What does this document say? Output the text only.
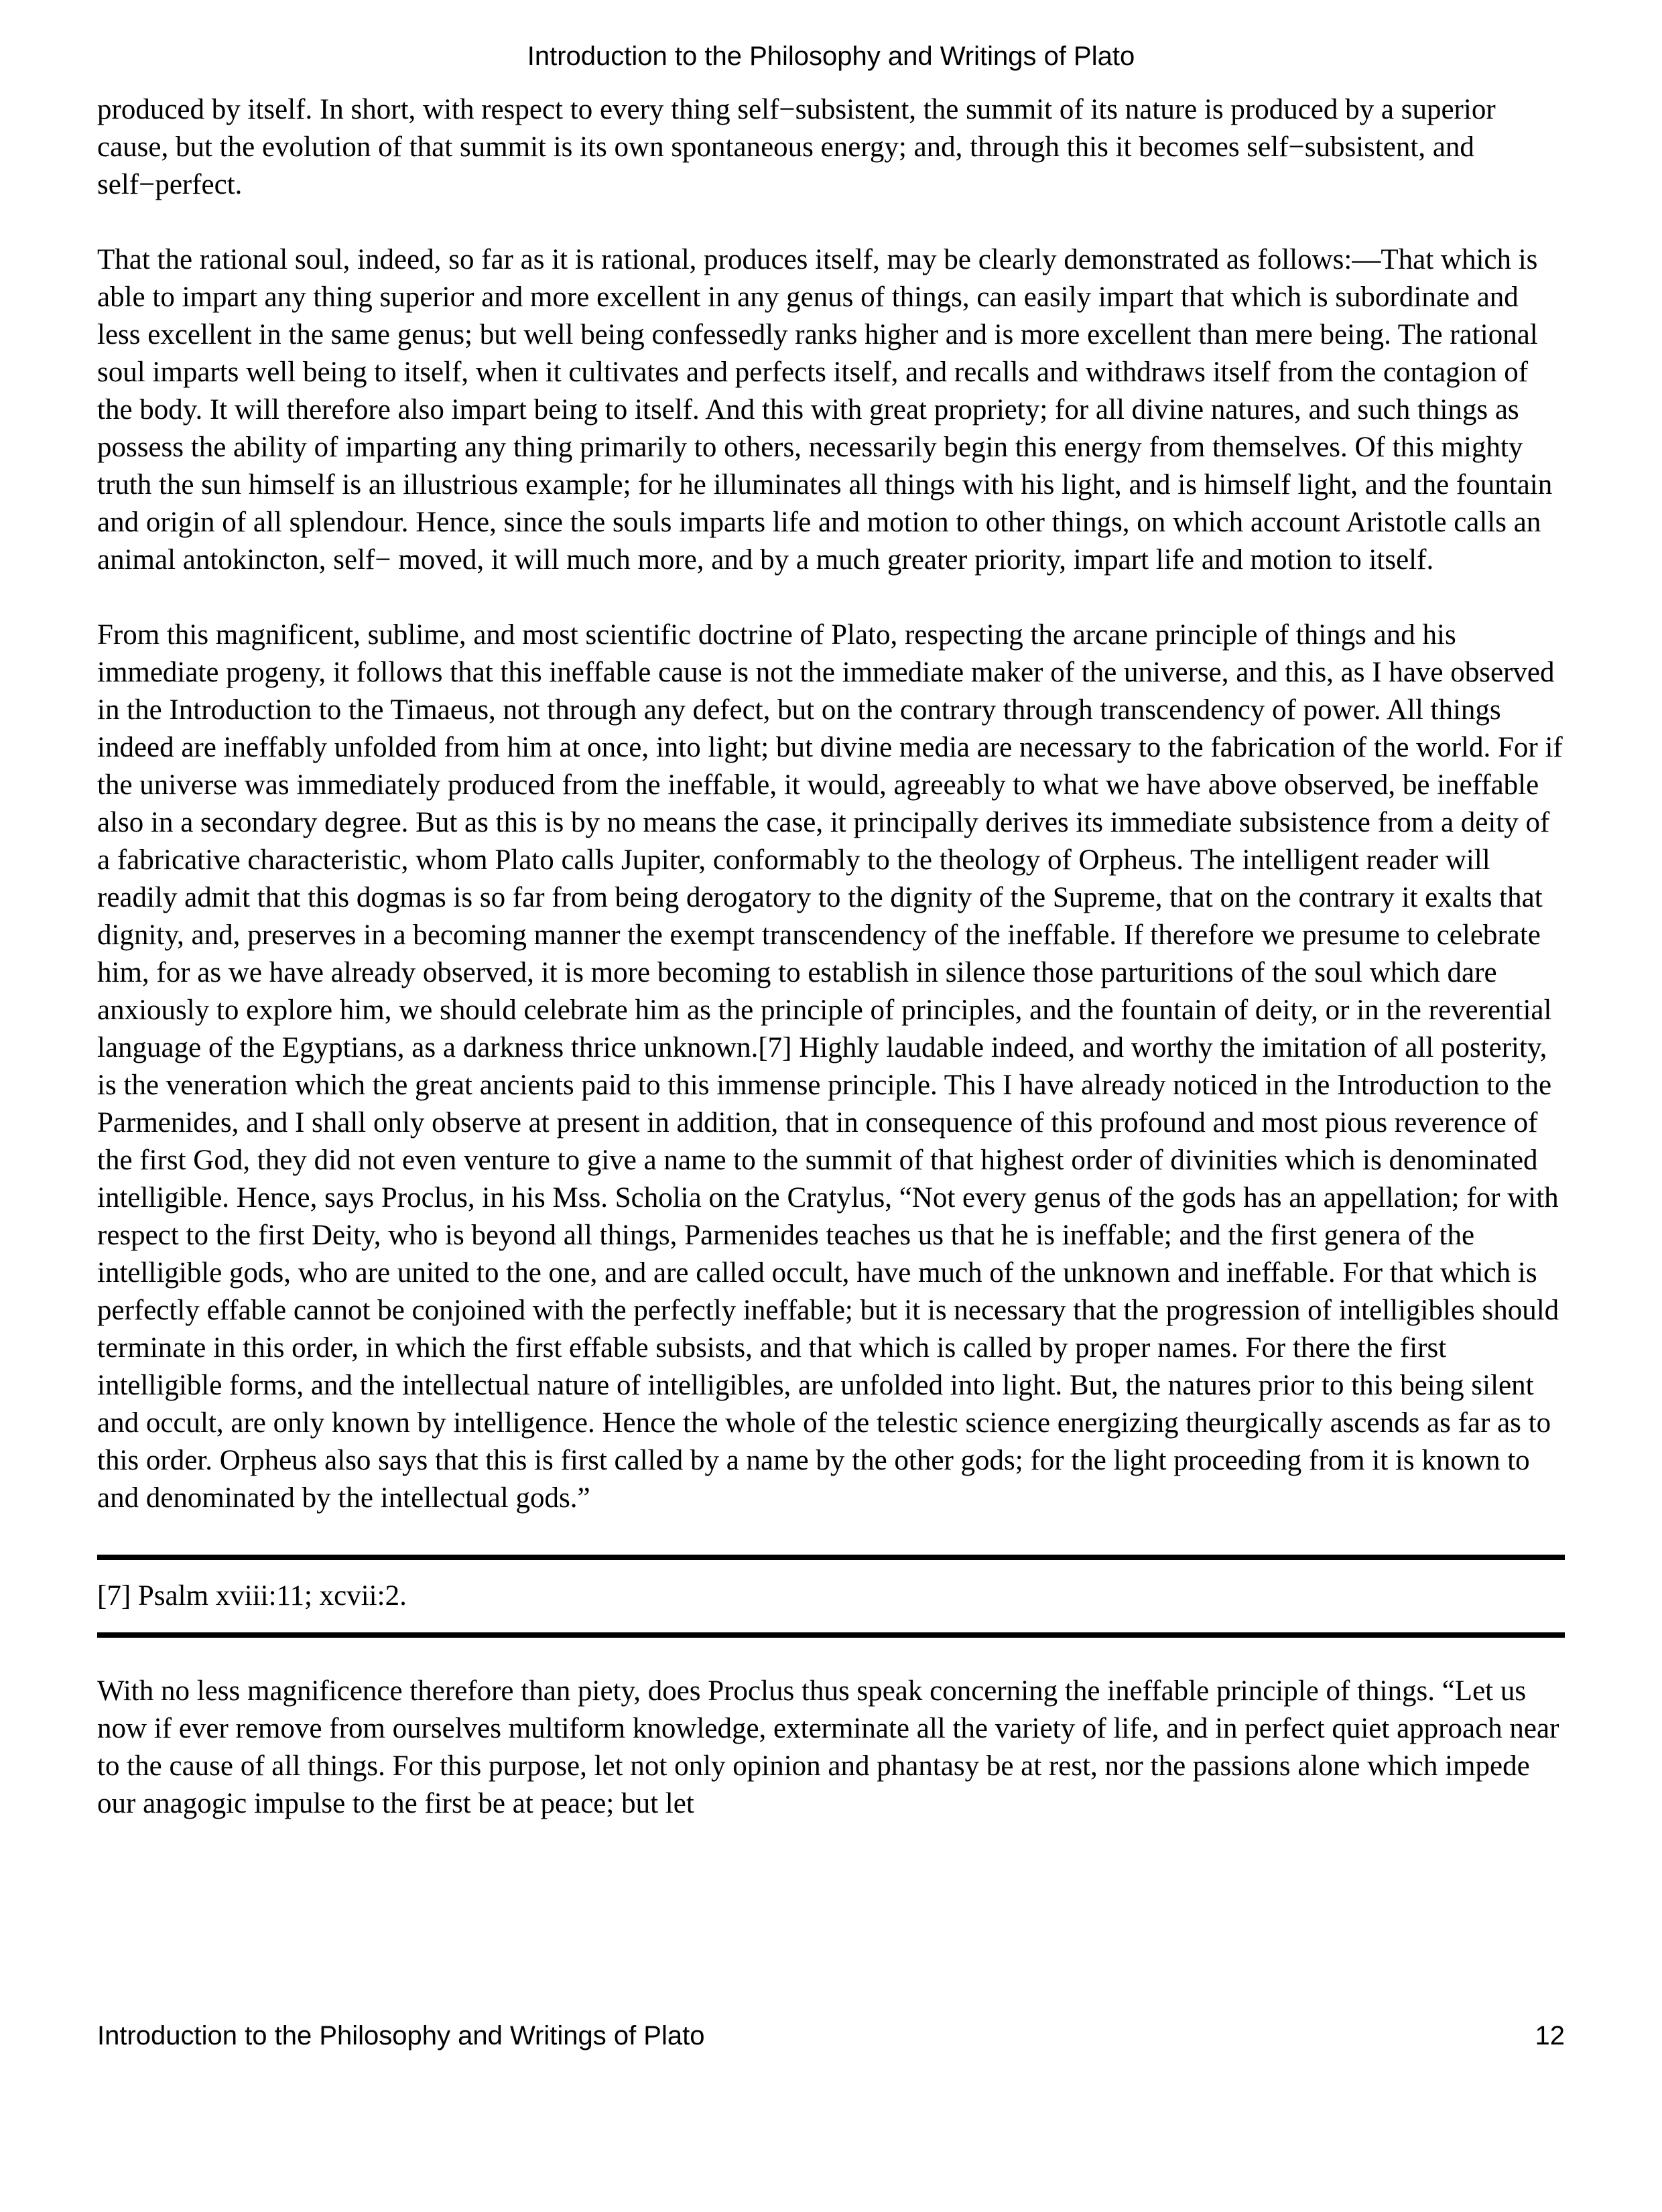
Introduction to the Philosophy and Writings of Plato

produced by itself. In short, with respect to every thing self−subsistent, the summit of its nature is produced by a superior cause, but the evolution of that summit is its own spontaneous energy; and, through this it becomes self−subsistent, and self−perfect.

That the rational soul, indeed, so far as it is rational, produces itself, may be clearly demonstrated as follows:—That which is able to impart any thing superior and more excellent in any genus of things, can easily impart that which is subordinate and less excellent in the same genus; but well being confessedly ranks higher and is more excellent than mere being. The rational soul imparts well being to itself, when it cultivates and perfects itself, and recalls and withdraws itself from the contagion of the body. It will therefore also impart being to itself. And this with great propriety; for all divine natures, and such things as possess the ability of imparting any thing primarily to others, necessarily begin this energy from themselves. Of this mighty truth the sun himself is an illustrious example; for he illuminates all things with his light, and is himself light, and the fountain and origin of all splendour. Hence, since the souls imparts life and motion to other things, on which account Aristotle calls an animal antokincton, self− moved, it will much more, and by a much greater priority, impart life and motion to itself.

From this magnificent, sublime, and most scientific doctrine of Plato, respecting the arcane principle of things and his immediate progeny, it follows that this ineffable cause is not the immediate maker of the universe, and this, as I have observed in the Introduction to the Timaeus, not through any defect, but on the contrary through transcendency of power. All things indeed are ineffably unfolded from him at once, into light; but divine media are necessary to the fabrication of the world. For if the universe was immediately produced from the ineffable, it would, agreeably to what we have above observed, be ineffable also in a secondary degree. But as this is by no means the case, it principally derives its immediate subsistence from a deity of a fabricative characteristic, whom Plato calls Jupiter, conformably to the theology of Orpheus. The intelligent reader will readily admit that this dogmas is so far from being derogatory to the dignity of the Supreme, that on the contrary it exalts that dignity, and, preserves in a becoming manner the exempt transcendency of the ineffable. If therefore we presume to celebrate him, for as we have already observed, it is more becoming to establish in silence those parturitions of the soul which dare anxiously to explore him, we should celebrate him as the principle of principles, and the fountain of deity, or in the reverential language of the Egyptians, as a darkness thrice unknown.[7] Highly laudable indeed, and worthy the imitation of all posterity, is the veneration which the great ancients paid to this immense principle. This I have already noticed in the Introduction to the Parmenides, and I shall only observe at present in addition, that in consequence of this profound and most pious reverence of the first God, they did not even venture to give a name to the summit of that highest order of divinities which is denominated intelligible. Hence, says Proclus, in his Mss. Scholia on the Cratylus, “Not every genus of the gods has an appellation; for with respect to the first Deity, who is beyond all things, Parmenides teaches us that he is ineffable; and the first genera of the intelligible gods, who are united to the one, and are called occult, have much of the unknown and ineffable. For that which is perfectly effable cannot be conjoined with the perfectly ineffable; but it is necessary that the progression of intelligibles should terminate in this order, in which the first effable subsists, and that which is called by proper names. For there the first intelligible forms, and the intellectual nature of intelligibles, are unfolded into light. But, the natures prior to this being silent and occult, are only known by intelligence. Hence the whole of the telestic science energizing theurgically ascends as far as to this order. Orpheus also says that this is first called by a name by the other gods; for the light proceeding from it is known to and denominated by the intellectual gods.”

[7] Psalm xviii:11; xcvii:2.

With no less magnificence therefore than piety, does Proclus thus speak concerning the ineffable principle of things. “Let us now if ever remove from ourselves multiform knowledge, exterminate all the variety of life, and in perfect quiet approach near to the cause of all things. For this purpose, let not only opinion and phantasy be at rest, nor the passions alone which impede our anagogic impulse to the first be at peace; but let

Introduction to the Philosophy and Writings of Plato	12
